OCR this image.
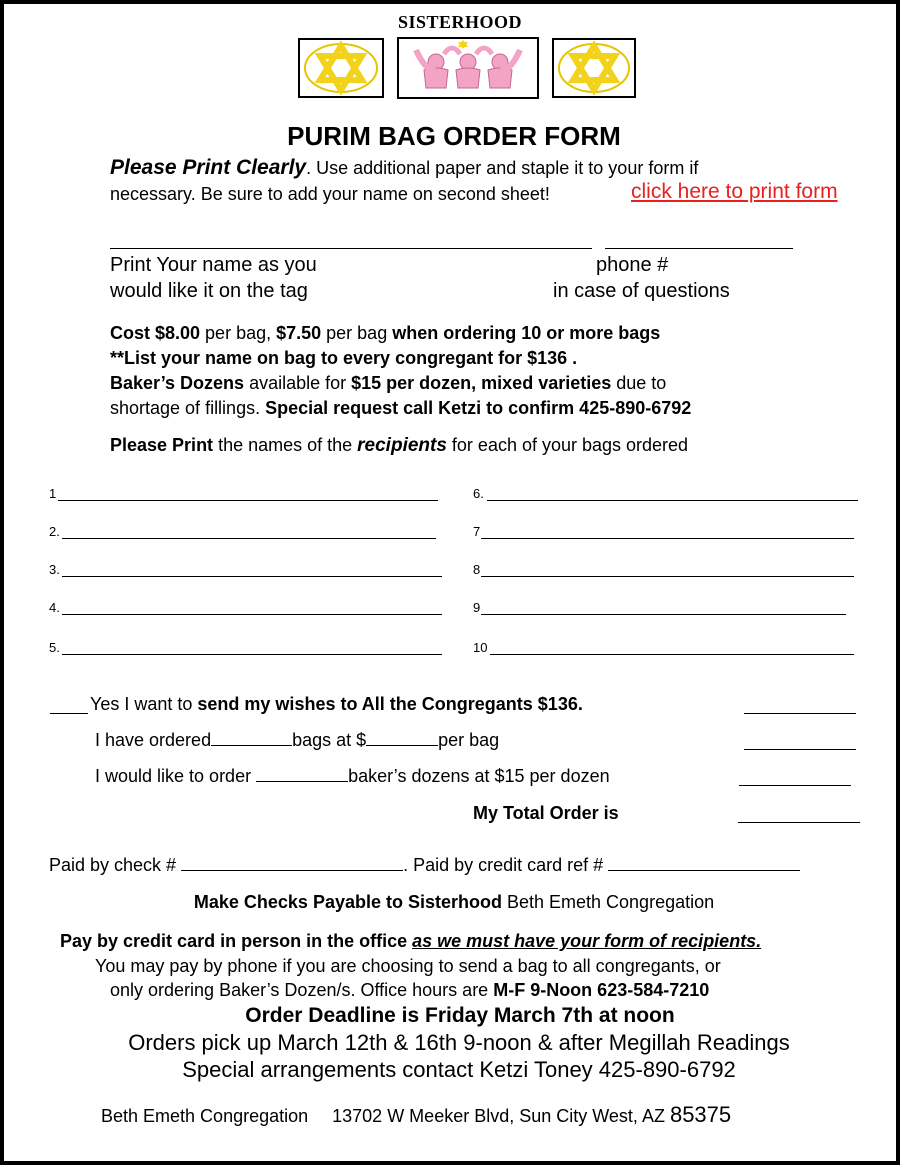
SISTERHOOD
PURIM BAG ORDER FORM
Please Print Clearly. Use additional paper and staple it to your form if
necessary. Be sure to add your name on second sheet!	click here to print form
Print Your name as you
would like it on the tag
phone #
in case of questions
Cost $8.00 per bag, $7.50 per bag when ordering 10 or more bags
**List your name on bag to every congregant for $136 .
Baker’s Dozens available for $15 per dozen, mixed varieties due to
shortage of fillings. Special request call Ketzi to confirm 425-890-6792
Please Print the names of the recipients for each of your bags ordered
1
2.
3.
4.
5.
6.
7
8
9
10
Yes I want to send my wishes to All the Congregants $136.
I have ordered	bags at $	per bag
I would like to order	baker’s dozens at $15 per dozen
My Total Order is
Paid by check #	. Paid by credit card ref #
Make Checks Payable to Sisterhood Beth Emeth Congregation
Pay by credit card in person in the office as we must have your form of recipients.
You may pay by phone if you are choosing to send a bag to all congregants, or
only ordering Baker’s Dozen/s. Office hours are M-F 9-Noon 623-584-7210
Order Deadline is Friday March 7th at noon
Orders pick up March 12th & 16th 9-noon & after Megillah Readings
Special arrangements contact Ketzi Toney 425-890-6792
Beth Emeth Congregation 13702 W Meeker Blvd, Sun City West, AZ 85375
